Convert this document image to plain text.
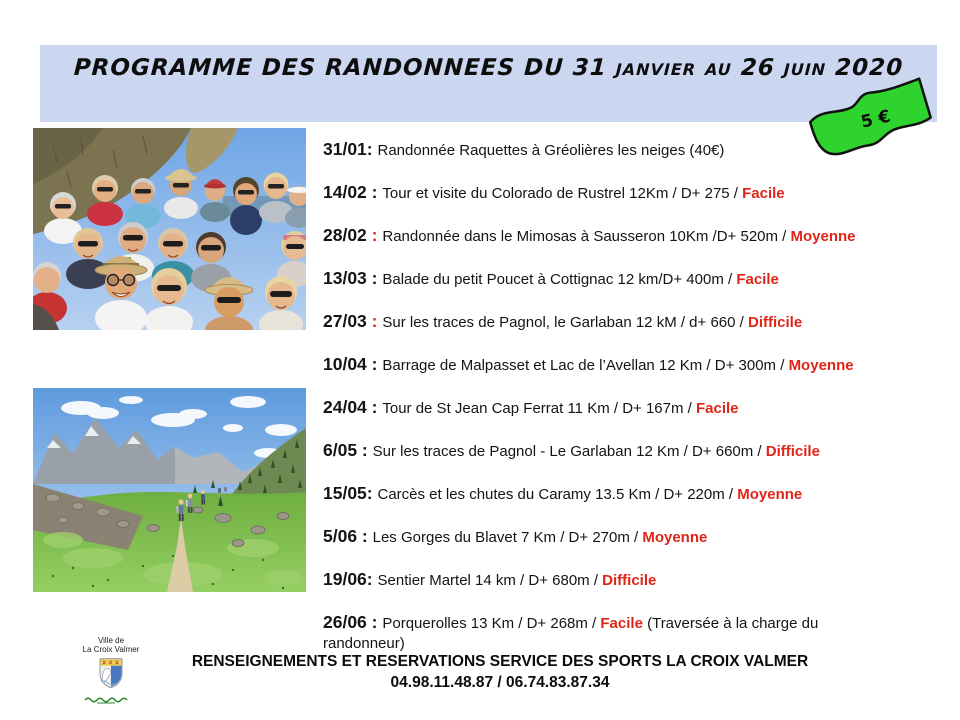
PROGRAMME DES RANDONNEES DU 31 janvier au 26 juin 2020
5 €
31/01: Randonnée Raquettes à Gréolières les neiges (40€)
14/02 : Tour et visite du Colorado de Rustrel 12Km / D+ 275 / Facile
28/02 : Randonnée dans le Mimosas à Sausseron 10Km /D+ 520m / Moyenne
13/03 : Balade du petit Poucet à Cottignac 12 km/D+ 400m / Facile
27/03 : Sur les traces de Pagnol, le Garlaban 12 kM / d+ 660 / Difficile
10/04 : Barrage de Malpasset et Lac de l’Avellan 12 Km / D+ 300m / Moyenne
24/04 : Tour de St Jean Cap Ferrat 11 Km / D+ 167m / Facile
6/05 : Sur les traces de Pagnol - Le Garlaban 12 Km / D+ 660m / Difficile
15/05: Carcès et les chutes du Caramy 13.5 Km / D+ 220m / Moyenne
5/06 : Les Gorges du Blavet 7 Km / D+ 270m / Moyenne
19/06: Sentier Martel 14 km / D+ 680m / Difficile
26/06 : Porquerolles 13 Km / D+ 268m / Facile (Traversée à la charge du randonneur)
Ville de
La Croix Valmer
RENSEIGNEMENTS ET RESERVATIONS SERVICE DES SPORTS LA CROIX VALMER
04.98.11.48.87 / 06.74.83.87.34
